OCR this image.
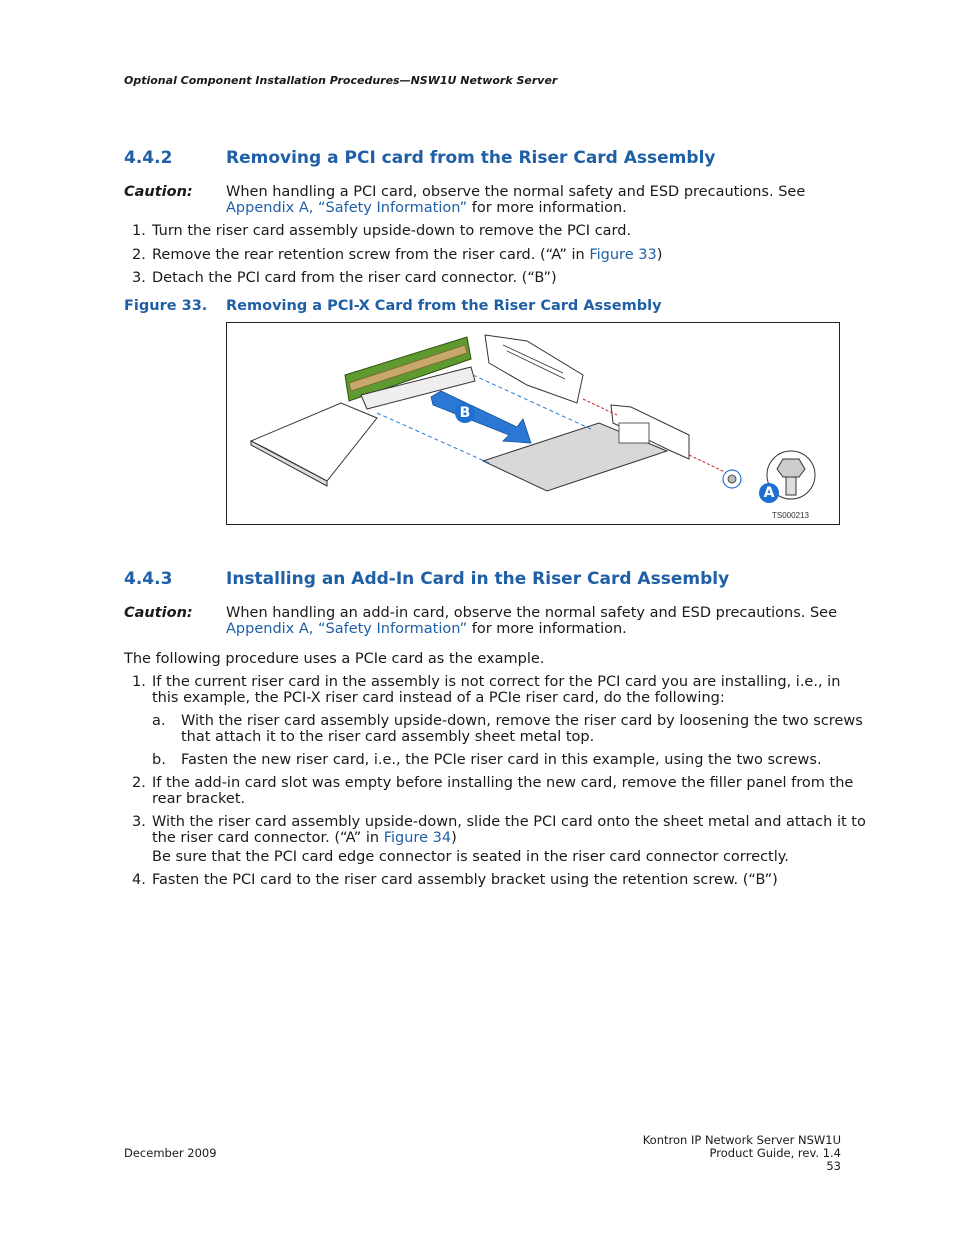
Optional Component Installation Procedures—NSW1U Network Server
4.4.2	Removing a PCI card from the Riser Card Assembly
Caution: When handling a PCI card, observe the normal safety and ESD precautions. See
Appendix A, “Safety Information” for more information.
1. Turn the riser card assembly upside-down to remove the PCI card.
2. Remove the rear retention screw from the riser card. (“A” in Figure 33)
3. Detach the PCI card from the riser card connector. (“B”)
Figure 33. Removing a PCI-X Card from the Riser Card Assembly
B
A
TS000213
4.4.3	Installing an Add-In Card in the Riser Card Assembly
Caution: When handling an add-in card, observe the normal safety and ESD precautions. See
Appendix A, “Safety Information” for more information.
The following procedure uses a PCIe card as the example.
1. If the current riser card in the assembly is not correct for the PCI card you are installing, i.e., in
this example, the PCI-X riser card instead of a PCIe riser card, do the following:
a. With the riser card assembly upside-down, remove the riser card by loosening the two screws
that attach it to the riser card assembly sheet metal top.
b. Fasten the new riser card, i.e., the PCIe riser card in this example, using the two screws.
2. If the add-in card slot was empty before installing the new card, remove the filler panel from the
rear bracket.
3. With the riser card assembly upside-down, slide the PCI card onto the sheet metal and attach it to
the riser card connector. (“A” in Figure 34)
Be sure that the PCI card edge connector is seated in the riser card connector correctly.
4. Fasten the PCI card to the riser card assembly bracket using the retention screw. (“B”)
December 2009
Kontron IP Network Server NSW1U
Product Guide, rev. 1.4
53
